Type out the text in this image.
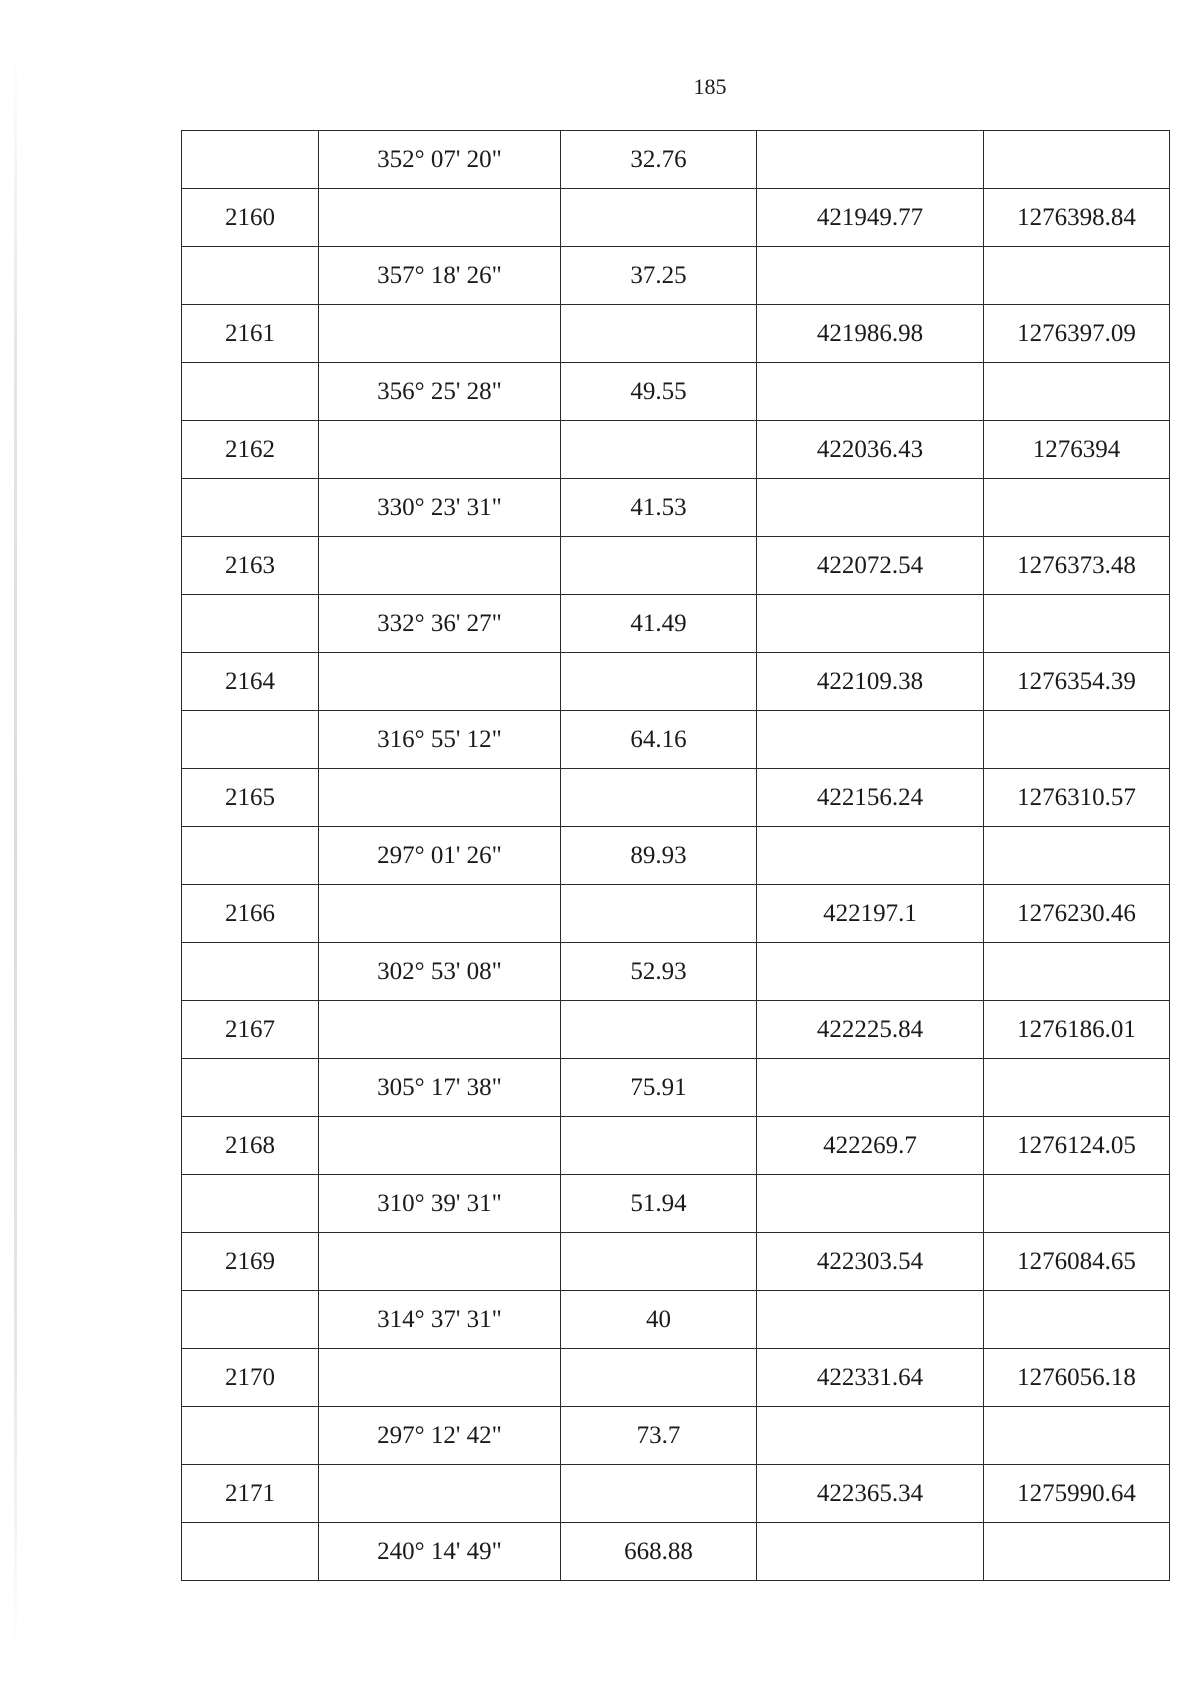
185
	352° 07' 20"	32.76		
2160			421949.77	1276398.84
	357° 18' 26"	37.25		
2161			421986.98	1276397.09
	356° 25' 28"	49.55		
2162			422036.43	1276394
	330° 23' 31"	41.53		
2163			422072.54	1276373.48
	332° 36' 27"	41.49		
2164			422109.38	1276354.39
	316° 55' 12"	64.16		
2165			422156.24	1276310.57
	297° 01' 26"	89.93		
2166			422197.1	1276230.46
	302° 53' 08"	52.93		
2167			422225.84	1276186.01
	305° 17' 38"	75.91		
2168			422269.7	1276124.05
	310° 39' 31"	51.94		
2169			422303.54	1276084.65
	314° 37' 31"	40		
2170			422331.64	1276056.18
	297° 12' 42"	73.7		
2171			422365.34	1275990.64
	240° 14' 49"	668.88		
